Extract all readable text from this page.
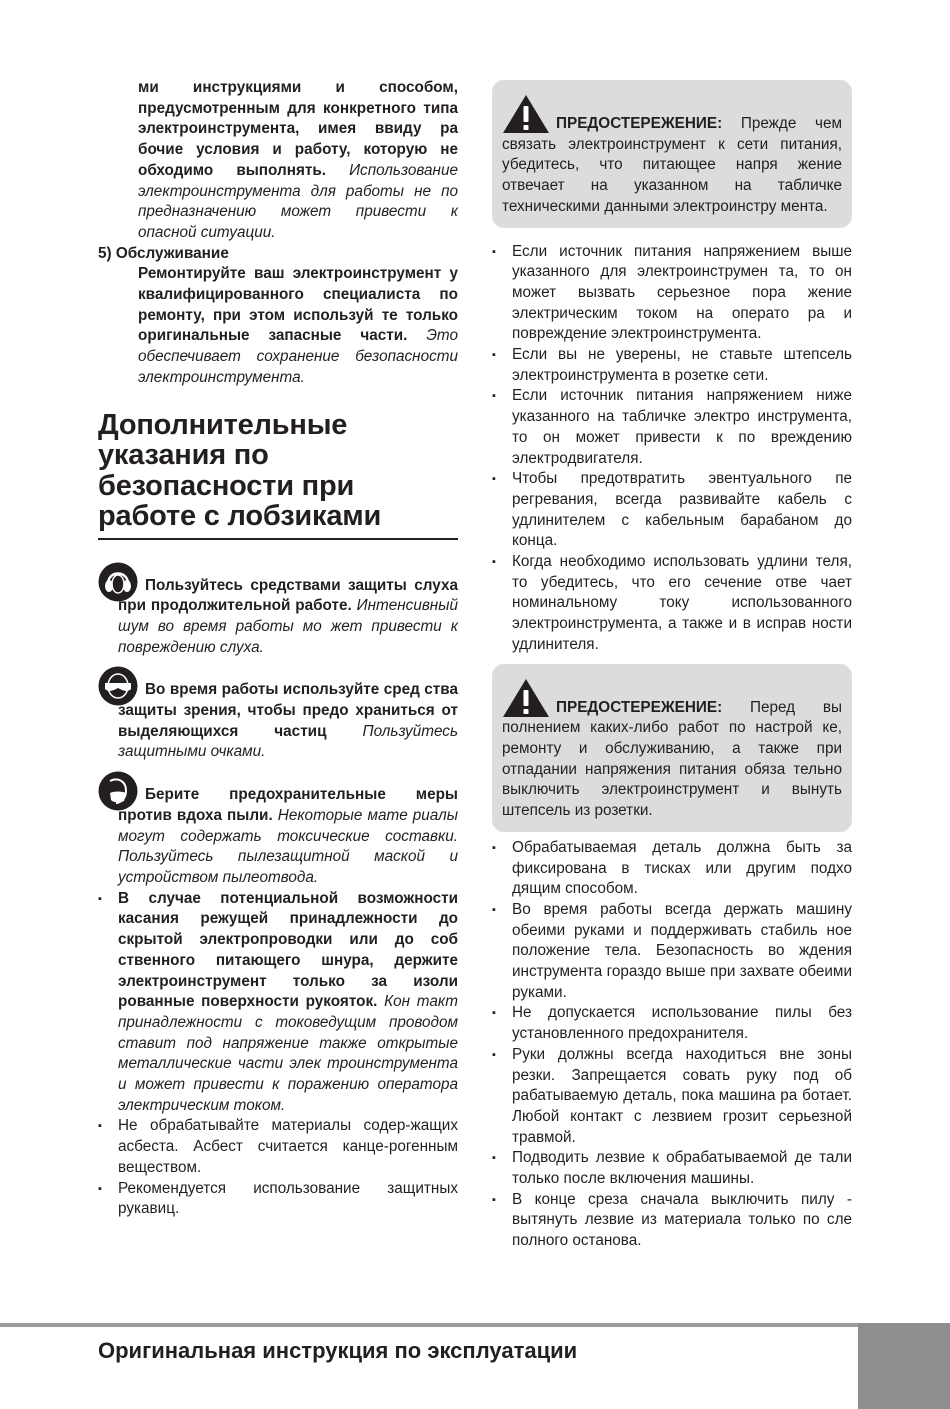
ми инструкциями и способом, предусмотренным для конкретного типа электроинструмента, имея ввиду ра бочие условия и работу, которую не обходимо выполнять. Использование электроинструмента для работы не по предназначению может привести к опасной ситуации.
5) Обслуживание
Ремонтируйте ваш электроинструмент у квалифицированного специалиста по ремонту, при этом используй те только оригинальные запасные части. Это обеспечивает сохранение безопасности электроинструмента.
Дополнительные указания по безопасности при работе с лобзиками
Пользуйтесь средствами защиты слуха при продолжительной работе. Интенсивный шум во время работы мо жет привести к повреждению слуха.
Во время работы используйте сред ства защиты зрения, чтобы предо храниться от выделяющихся частиц Пользуйтесь защитными очками.
Берите предохранительные меры против вдоха пыли. Некоторые мате риалы могут содержать токсические составки. Пользуйтесь пылезащитной маской и устройством пылеотвода.
▪ В случае потенциальной возможности касания режущей принадлежности до скрытой электропроводки или до соб ственного питающего шнура, держите электроинструмент только за изоли рованные поверхности рукояток. Кон такт принадлежности с токоведущим проводом ставит под напряжение также открытые металлические части элек троинструмента и может привести к поражению оператора электрическим током.
▪ Не обрабатывайте материалы содер-жащих асбеста. Асбест считается канце-рогенным веществом.
▪ Рекомендуется использование защитных рукавиц.
ПРЕДОСТЕРЕЖЕНИЕ: Прежде чем связать электроинструмент к сети питания, убедитесь, что питающее напря жение отвечает на указанном на табличке техническими данными электроинстру мента.
▪ Если источник питания напряжением выше указанного для электроинструмен та, то он может вызвать серьезное пора жение электрическим током на операто ра и повреждение электроинструмента.
▪ Если вы не уверены, не ставьте штепсель электроинструмента в розетке сети.
▪ Если источник питания напряжением ниже указанного на табличке электро инструмента, то он может привести к по вреждению электродвигателя.
▪ Чтобы предотвратить эвентуального пе регревания, всегда развивайте кабель с удлинителем с кабельным барабаном до конца.
▪ Когда необходимо использовать удлини теля, то убедитесь, что его сечение отве чает номинальному току использованного электроинструмента, а также и в исправ ности удлинителя.
ПРЕДОСТЕРЕЖЕНИЕ: Перед вы полнением каких-либо работ по настрой ке, ремонту и обслуживанию, а также при отпадании напряжения питания обяза тельно выключить электроинструмент и вынуть штепсель из розетки.
▪ Обрабатываемая деталь должна быть за фиксирована в тисках или другим подхо дящим способом.
▪ Во время работы всегда держать машину обеими руками и поддерживать стабиль ное положение тела. Безопасность во ждения инструмента гораздо выше при захвате обеими руками.
▪ Не допускается использование пилы без установленного предохранителя.
▪ Руки должны всегда находиться вне зоны резки. Запрещается совать руку под об рабатываемую деталь, пока машина ра ботает. Любой контакт с лезвием грозит серьезной травмой.
▪ Подводить лезвие к обрабатываемой де тали только после включения машины.
▪ В конце среза сначала выключить пилу - вытянуть лезвие из материала только по сле полного останова.
Оригинальная инструкция по эксплуатации
